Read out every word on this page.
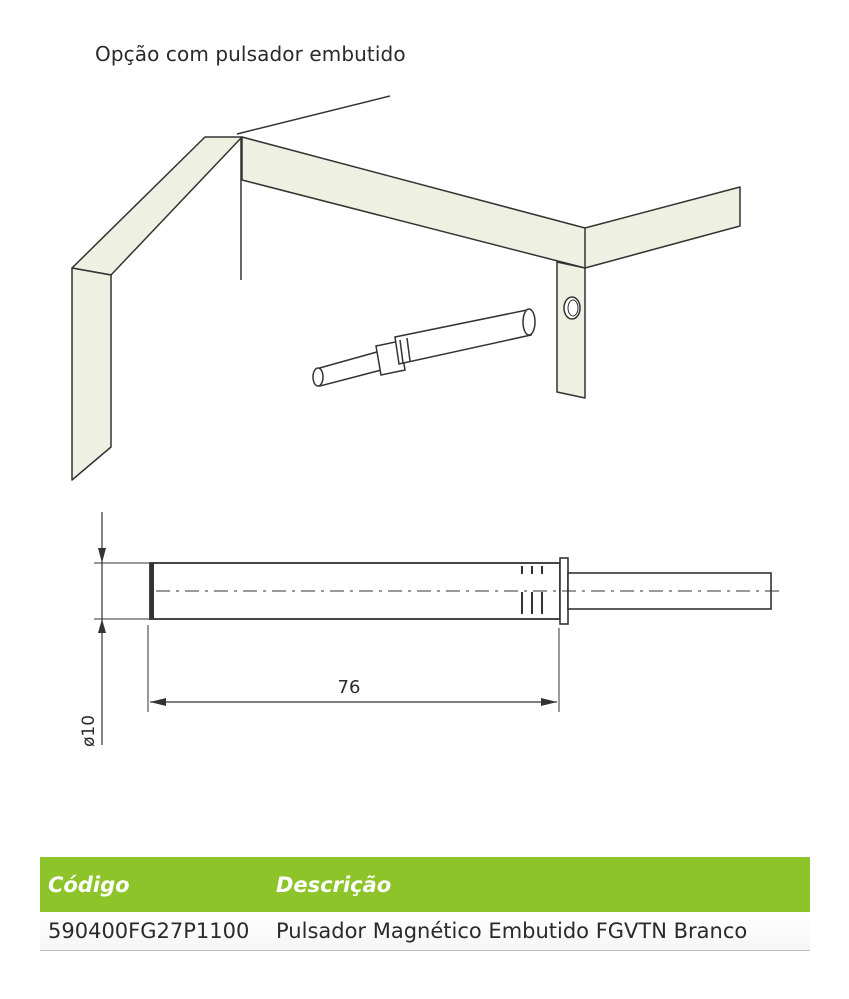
Opção com pulsador embutido
76
ø10
Código	Descrição
590400FG27P1100 Pulsador Magnético Embutido FGVTN Branco
